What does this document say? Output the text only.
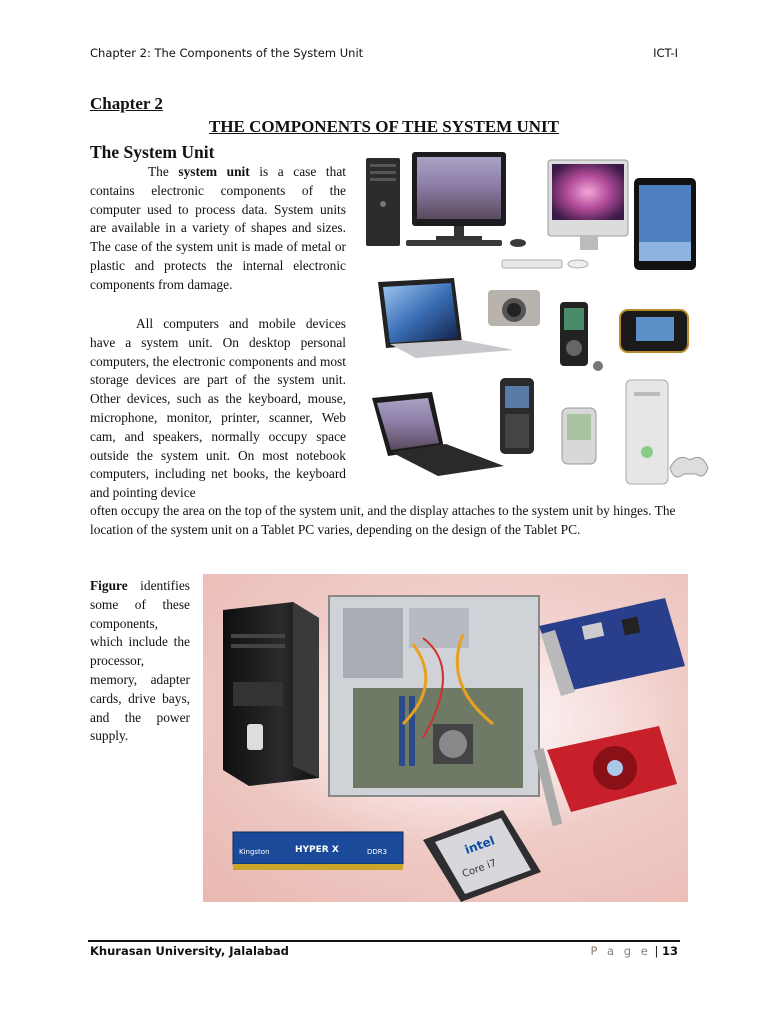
Chapter 2: The Components of the System Unit	ICT-I
Chapter 2
THE COMPONENTS OF THE SYSTEM UNIT
The System Unit
The system unit is a case that contains electronic components of the computer used to process data. System units are available in a variety of shapes and sizes. The case of the system unit is made of metal or plastic and protects the internal electronic components from damage.
All computers and mobile devices have a system unit. On desktop personal computers, the electronic components and most storage devices are part of the system unit. Other devices, such as the keyboard, mouse, microphone, monitor, printer, scanner, Web cam, and speakers, normally occupy space outside the system unit. On most notebook computers, including net books, the keyboard and pointing device
often occupy the area on the top of the system unit, and the display attaches to the system unit by hinges. The location of the system unit on a Tablet PC varies, depending on the design of the Tablet PC.
Figure identifies some of these components, which include the processor, memory, adapter cards, drive bays, and the power supply.
Kingston	HYPER X	DDR3	intel
Core i7
Khurasan University, Jalalabad	P a g e | 13
